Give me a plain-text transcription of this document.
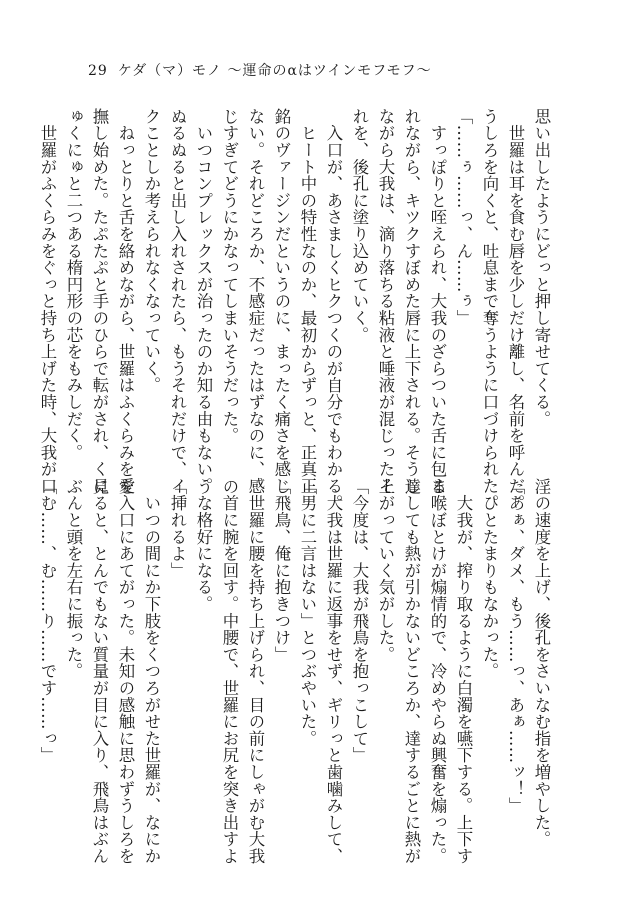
29 ケダ（マ）モノ 〜運命のαはツインモフモフ〜
思い出したようにどっと押し寄せてくる。
　世羅は耳を食む唇を少しだけ離し、名前を呼んだ。
うしろを向くと、吐息まで奪うように口づけられた。
「……ぅ……っ、ん……ぅ」
　すっぽりと咥えられ、大我のざらついた舌に包ま
れながら、キツクすぼめた唇に上下される。そうし
ながら大我は、滴り落ちる粘液と唾液が混じったそ
れを、後孔に塗り込めていく。
　入口が、あさましくヒクつくのが自分でもわかる。
　ヒート中の特性なのか、最初からずっと、正真正
銘のヴァージンだというのに、まったく痛さを感じ
ない。それどころか、不感症だったはずなのに、感
じすぎてどうにかなってしまいそうだった。
　いつコンプレックスが治ったのか知る由もない。
ぬるぬると出し入れされたら、もうそれだけで、イ
クことしか考えられなくなっていく。
　ねっとりと舌を絡めながら、世羅はふくらみを愛
撫し始めた。たぷたぷと手のひらで転がされ、くに
ゅくにゅと二つある楕円形の芯をもみしだく。
　世羅がふくらみをぐっと持ち上げた時、大我が口
淫の速度を上げ、後孔をさいなむ指を増やした。
「あぁ、ダメ、もう……っ、あぁ……ッ！」
　ひとたまりもなかった。
　大我が、搾り取るように白濁を嚥下する。上下す
る喉ぼとけが煽情的で、冷めやらぬ興奮を煽った。
達しても熱が引かないどころか、達するごとに熱が
上がっていく気がした。
「今度は、大我が飛鳥を抱っこして」
　大我は世羅に返事をせず、ギリっと歯噛みして、
「男に二言はない」とつぶやいた。
「飛鳥、俺に抱きつけ」
　世羅に腰を持ち上げられ、目の前にしゃがむ大我
の首に腕を回す。中腰で、世羅にお尻を突き出すよ
うな格好になる。
「挿れるよ」
　いつの間にか下肢をくつろがせた世羅が、なにか
を入口にあてがった。未知の感触に思わずうしろを
見ると、とんでもない質量が目に入り、飛鳥はぶん
ぶんと頭を左右に振った。
「む……、む……り……です……っ」
